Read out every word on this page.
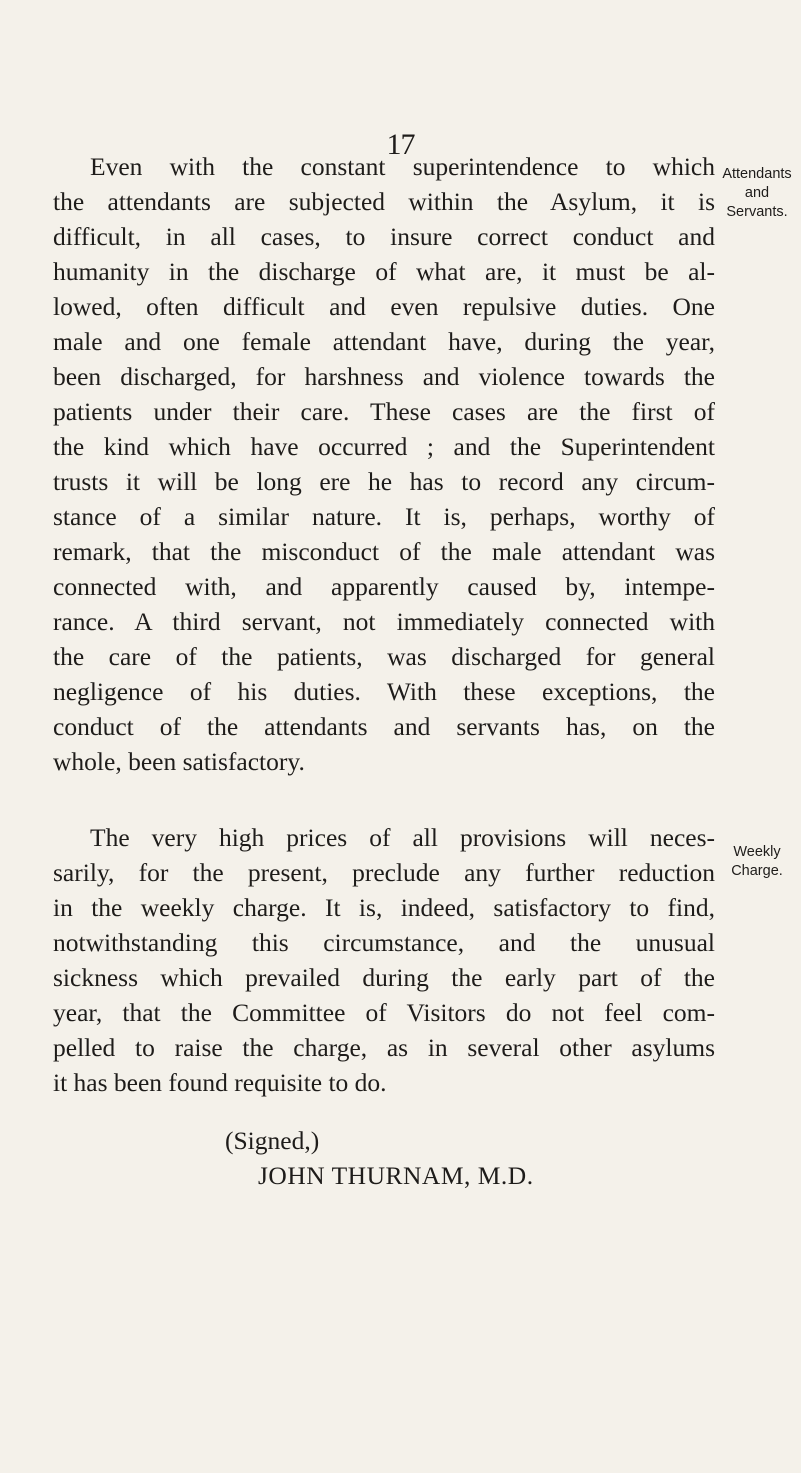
17
Even with the constant superintendence to which
the attendants are subjected within the Asylum, it is
difficult, in all cases, to insure correct conduct and
humanity in the discharge of what are, it must be al-
lowed, often difficult and even repulsive duties. One
male and one female attendant have, during the year,
been discharged, for harshness and violence towards the
patients under their care. These cases are the first of
the kind which have occurred ; and the Superintendent
trusts it will be long ere he has to record any circum-
stance of a similar nature. It is, perhaps, worthy of
remark, that the misconduct of the male attendant was
connected with, and apparently caused by, intempe-
rance. A third servant, not immediately connected with
the care of the patients, was discharged for general
negligence of his duties. With these exceptions, the
conduct of the attendants and servants has, on the
whole, been satisfactory.
Attendants
and
Servants.
The very high prices of all provisions will neces-
sarily, for the present, preclude any further reduction
in the weekly charge. It is, indeed, satisfactory to find,
notwithstanding this circumstance, and the unusual
sickness which prevailed during the early part of the
year, that the Committee of Visitors do not feel com-
pelled to raise the charge, as in several other asylums
it has been found requisite to do.
Weekly
Charge.
(Signed,)
JOHN THURNAM, M.D.
